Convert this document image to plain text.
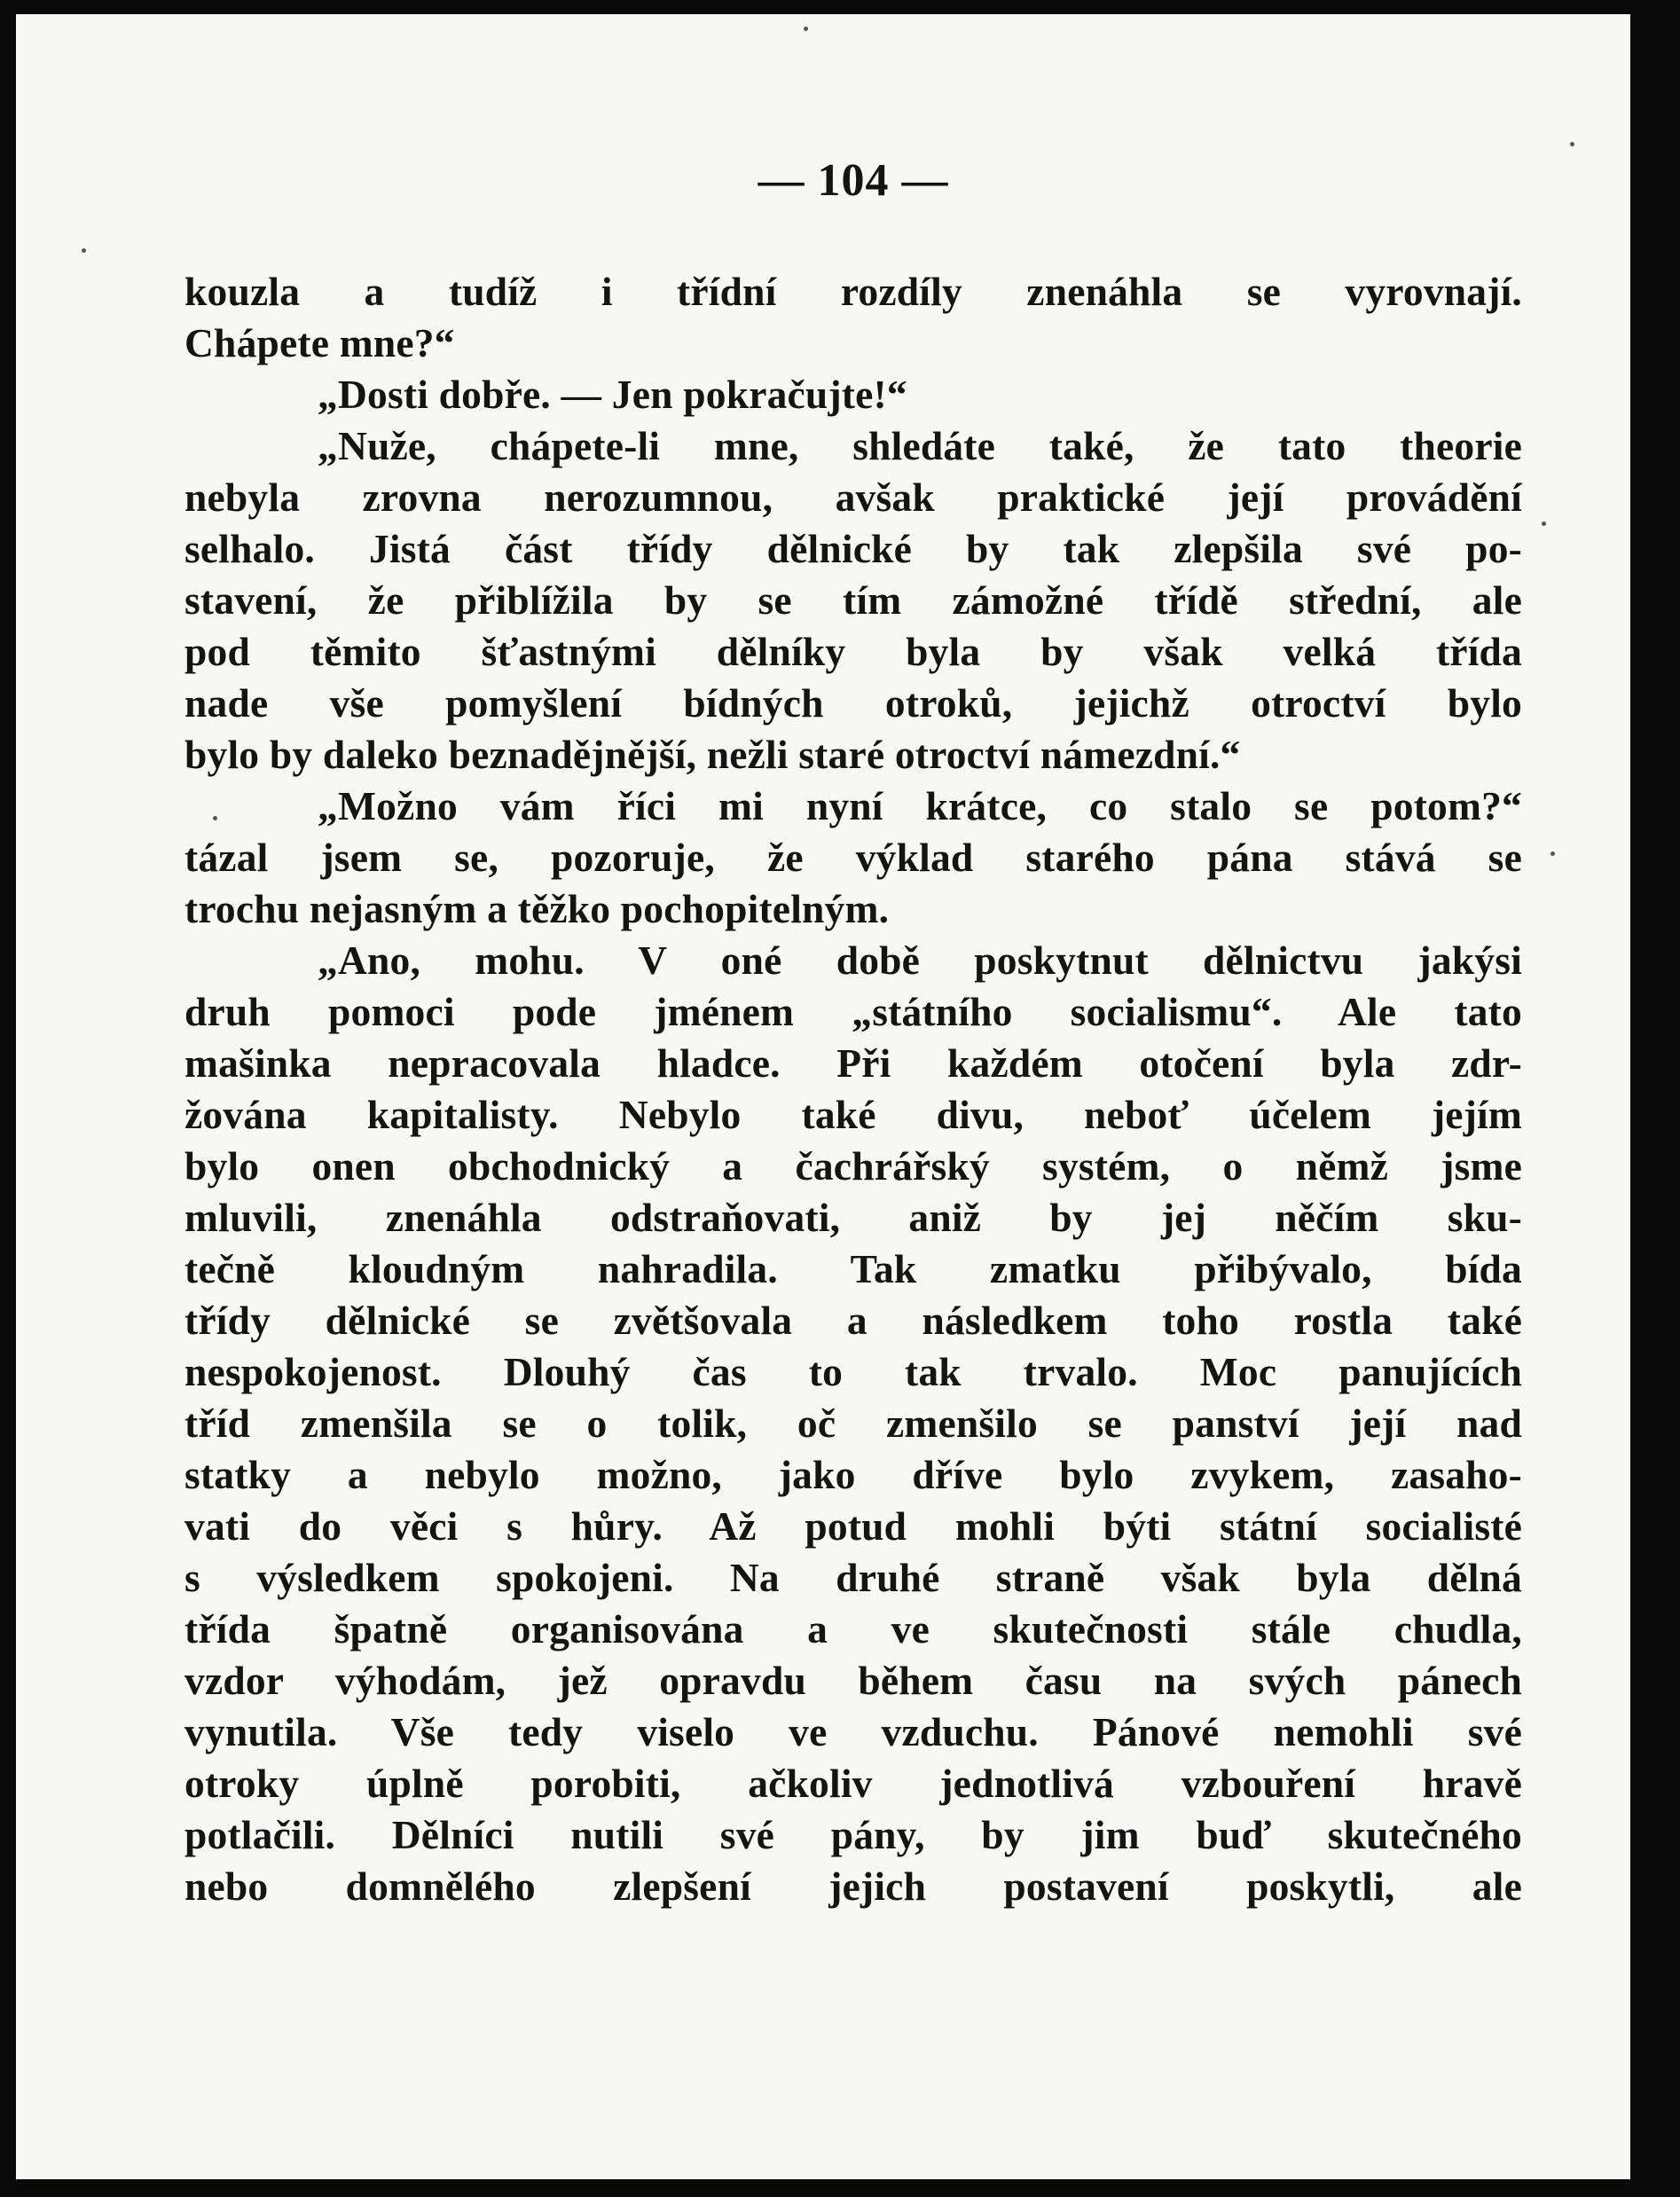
— 104 —
kouzla a tudíž i třídní rozdíly znenáhla se vyrovnají.
Chápete mne?“
„Dosti dobře. — Jen pokračujte!“
„Nuže, chápete-li mne, shledáte také, že tato theorie
nebyla zrovna nerozumnou, avšak praktické její provádění
selhalo. Jistá část třídy dělnické by tak zlepšila své po-
stavení, že přiblížila by se tím zámožné třídě střední, ale
pod těmito šťastnými dělníky byla by však velká třída
nade vše pomyšlení bídných otroků, jejichž otroctví bylo
bylo by daleko beznadějnější, nežli staré otroctví námezdní.“
„Možno vám říci mi nyní krátce, co stalo se potom?“
tázal jsem se, pozoruje, že výklad starého pána stává se
trochu nejasným a těžko pochopitelným.
„Ano, mohu. V oné době poskytnut dělnictvu jakýsi
druh pomoci pode jménem „státního socialismu“. Ale tato
mašinka nepracovala hladce. Při každém otočení byla zdr-
žována kapitalisty. Nebylo také divu, neboť účelem jejím
bylo onen obchodnický a čachrářský systém, o němž jsme
mluvili, znenáhla odstraňovati, aniž by jej něčím sku-
tečně kloudným nahradila. Tak zmatku přibývalo, bída
třídy dělnické se zvětšovala a následkem toho rostla také
nespokojenost. Dlouhý čas to tak trvalo. Moc panujících
tříd zmenšila se o tolik, oč zmenšilo se panství její nad
statky a nebylo možno, jako dříve bylo zvykem, zasaho-
vati do věci s hůry. Až potud mohli býti státní socialisté
s výsledkem spokojeni. Na druhé straně však byla dělná
třída špatně organisována a ve skutečnosti stále chudla,
vzdor výhodám, jež opravdu během času na svých pánech
vynutila. Vše tedy viselo ve vzduchu. Pánové nemohli své
otroky úplně porobiti, ačkoliv jednotlivá vzbouření hravě
potlačili. Dělníci nutili své pány, by jim buď skutečného
nebo domnělého zlepšení jejich postavení poskytli, ale
